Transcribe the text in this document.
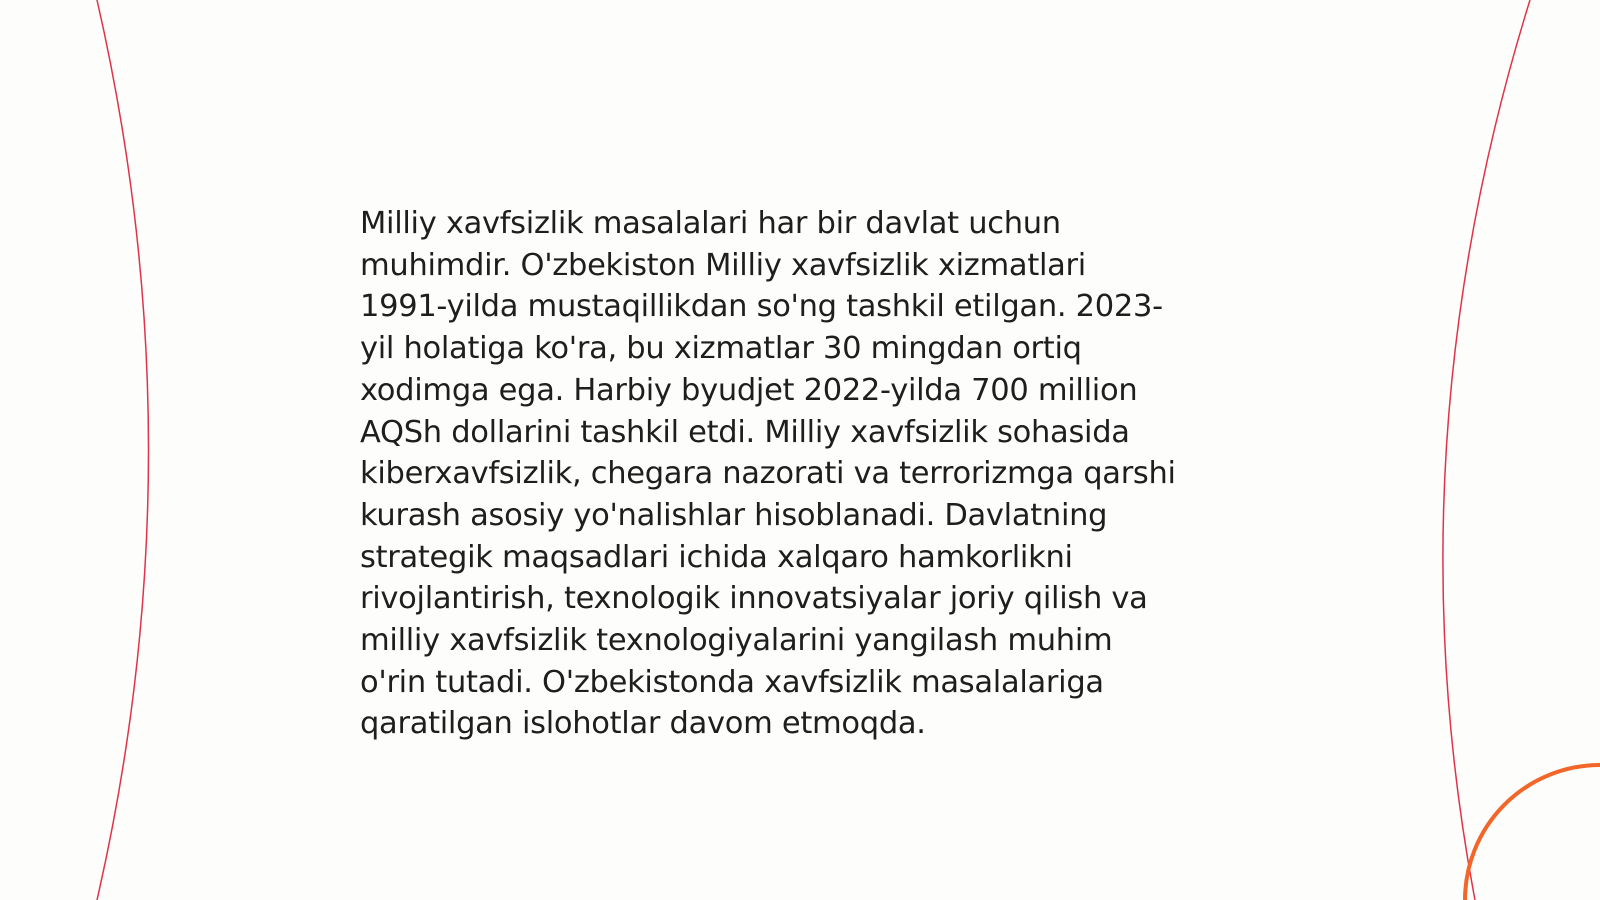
Milliy xavfsizlik masalalari har bir davlat uchun
muhimdir. O'zbekiston Milliy xavfsizlik xizmatlari
1991-yilda mustaqillikdan so'ng tashkil etilgan. 2023-
yil holatiga ko'ra, bu xizmatlar 30 mingdan ortiq
xodimga ega. Harbiy byudjet 2022-yilda 700 million
AQSh dollarini tashkil etdi. Milliy xavfsizlik sohasida
kiberxavfsizlik, chegara nazorati va terrorizmga qarshi
kurash asosiy yo'nalishlar hisoblanadi. Davlatning
strategik maqsadlari ichida xalqaro hamkorlikni
rivojlantirish, texnologik innovatsiyalar joriy qilish va
milliy xavfsizlik texnologiyalarini yangilash muhim
o'rin tutadi. O'zbekistonda xavfsizlik masalalariga
qaratilgan islohotlar davom etmoqda.
